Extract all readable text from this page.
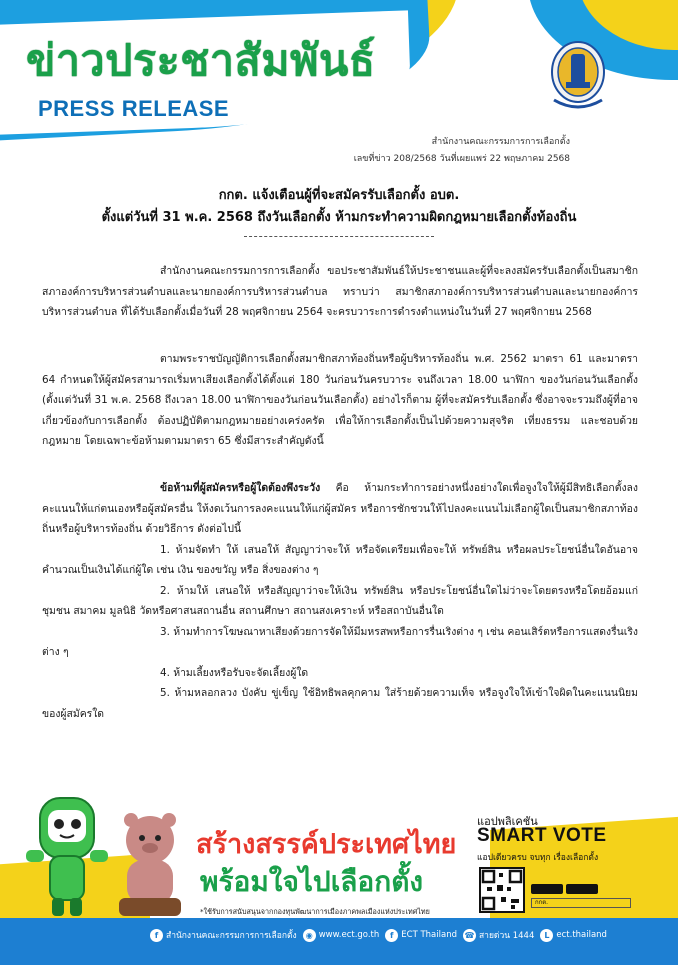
ข่าวประชาสัมพันธ์
PRESS RELEASE
สำนักงานคณะกรรมการการเลือกตั้ง
เลขที่ข่าว 208/2568 วันที่เผยแพร่ 22 พฤษภาคม 2568
กกต. แจ้งเตือนผู้ที่จะสมัครรับเลือกตั้ง อบต.
ตั้งแต่วันที่ 31 พ.ค. 2568 ถึงวันเลือกตั้ง ห้ามกระทำความผิดกฎหมายเลือกตั้งท้องถิ่น

สำนักงานคณะกรรมการการเลือกตั้ง ขอประชาสัมพันธ์ให้ประชาชนและผู้ที่จะลงสมัครรับเลือกตั้งเป็นสมาชิกสภาองค์การบริหารส่วนตำบลและนายกองค์การบริหารส่วนตำบล ทราบว่า สมาชิกสภาองค์การบริหารส่วนตำบลและนายกองค์การบริหารส่วนตำบล ที่ได้รับเลือกตั้งเมื่อวันที่ 28 พฤศจิกายน 2564 จะครบวาระการดำรงตำแหน่งในวันที่ 27 พฤศจิกายน 2568

ตามพระราชบัญญัติการเลือกตั้งสมาชิกสภาท้องถิ่นหรือผู้บริหารท้องถิ่น พ.ศ. 2562 มาตรา 61 และมาตรา 64 กำหนดให้ผู้สมัครสามารถเริ่มหาเสียงเลือกตั้งได้ตั้งแต่ 180 วันก่อนวันครบวาระ จนถึงเวลา 18.00 นาฬิกา ของวันก่อนวันเลือกตั้ง (ตั้งแต่วันที่ 31 พ.ค. 2568 ถึงเวลา 18.00 นาฬิกาของวันก่อนวันเลือกตั้ง) อย่างไรก็ตาม ผู้ที่จะสมัครรับเลือกตั้ง ซึ่งอาจจะรวมถึงผู้ที่อาจเกี่ยวข้องกับการเลือกตั้ง ต้องปฏิบัติตามกฎหมายอย่างเคร่งครัด เพื่อให้การเลือกตั้งเป็นไปด้วยความสุจริต เที่ยงธรรม และชอบด้วยกฎหมาย โดยเฉพาะข้อห้ามตามมาตรา 65 ซึ่งมีสาระสำคัญดังนี้

ข้อห้ามที่ผู้สมัครหรือผู้ใดต้องพึงระวัง คือ ห้ามกระทำการอย่างหนึ่งอย่างใดเพื่อจูงใจให้ผู้มีสิทธิเลือกตั้งลงคะแนนให้แก่ตนเองหรือผู้สมัครอื่น ให้งดเว้นการลงคะแนนให้แก่ผู้สมัคร หรือการชักชวนให้ไปลงคะแนนไม่เลือกผู้ใดเป็นสมาชิกสภาท้องถิ่นหรือผู้บริหารท้องถิ่น ด้วยวิธีการ ดังต่อไปนี้
1. ห้ามจัดทำ ให้ เสนอให้ สัญญาว่าจะให้ หรือจัดเตรียมเพื่อจะให้ ทรัพย์สิน หรือผลประโยชน์อื่นใดอันอาจคำนวณเป็นเงินได้แก่ผู้ใด เช่น เงิน ของขวัญ หรือ สิ่งของต่าง ๆ
2. ห้ามให้ เสนอให้ หรือสัญญาว่าจะให้เงิน ทรัพย์สิน หรือประโยชน์อื่นใดไม่ว่าจะโดยตรงหรือโดยอ้อมแก่ชุมชน สมาคม มูลนิธิ วัดหรือศาสนสถานอื่น สถานศึกษา สถานสงเคราะห์ หรือสถาบันอื่นใด
3. ห้ามทำการโฆษณาหาเสียงด้วยการจัดให้มีมหรสพหรือการรื่นเริงต่าง ๆ เช่น คอนเสิร์ตหรือการแสดงรื่นเริงต่าง ๆ
4. ห้ามเลี้ยงหรือรับจะจัดเลี้ยงผู้ใด
5. ห้ามหลอกลวง บังคับ ขู่เข็ญ ใช้อิทธิพลคุกคาม ใส่ร้ายด้วยความเท็จ หรือจูงใจให้เข้าใจผิดในคะแนนนิยมของผู้สมัครใด
สร้างสรรค์ประเทศไทย
พร้อมใจไปเลือกตั้ง
*ใช้รับการสนับสนุนจากกองทุนพัฒนาการเมืองภาคพลเมืองแห่งประเทศไทย
แอปพลิเคชัน
SMART VOTE
แอปเดียวครบ จบทุก เรื่องเลือกตั้ง
กกต.
f สำนักงานคณะกรรมการการเลือกตั้ง	◉ www.ect.go.th	f ECT Thailand ☎ สายด่วน 1444	L ect.thailand
